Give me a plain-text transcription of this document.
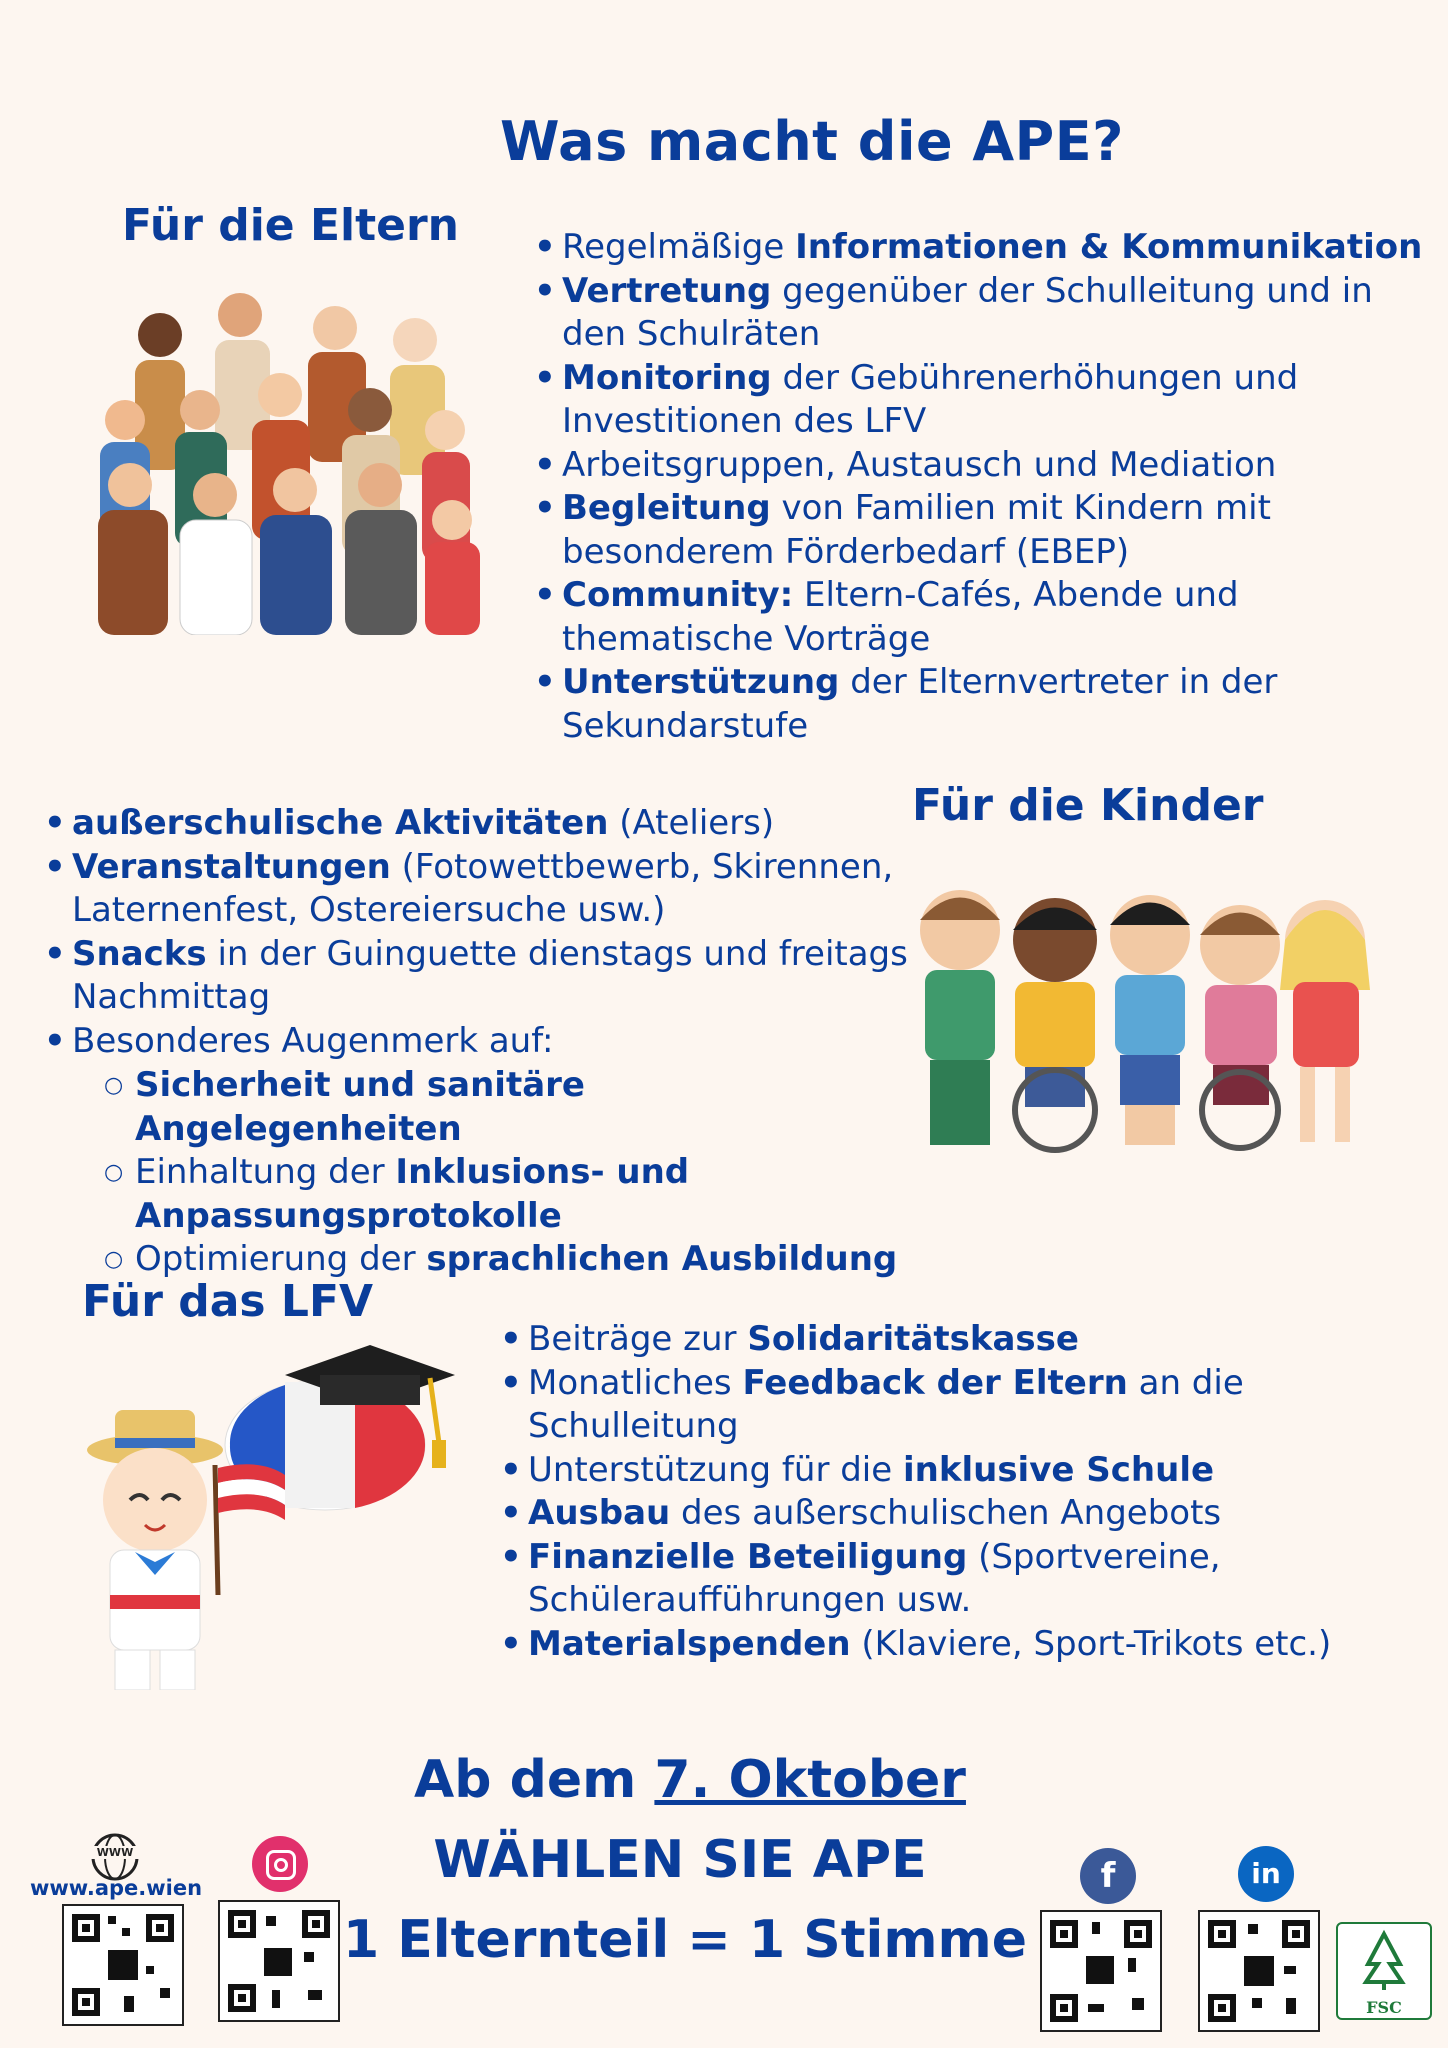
Was macht die APE?
Für die Eltern
•	Regelmäßige Informationen & Kommunikation
• Vertretung gegenüber der Schulleitung und in den Schulräten
• Monitoring der Gebührenerhöhungen und Investitionen des LFV
• Arbeitsgruppen, Austausch und Mediation
• Begleitung von Familien mit Kindern mit besonderem Förderbedarf (EBEP)
• Community: Eltern-Cafés, Abende und thematische Vorträge
• Unterstützung der Elternvertreter in der Sekundarstufe
Für die Kinder
• außerschulische Aktivitäten (Ateliers)
• Veranstaltungen (Fotowettbewerb, Skirennen, Laternenfest, Ostereiersuche usw.)
• Snacks in der Guinguette dienstags und freitags Nachmittag
• Besonderes Augenmerk auf:
○ Sicherheit und sanitäre Angelegenheiten
○ Einhaltung der Inklusions- und Anpassungsprotokolle
○ Optimierung der sprachlichen Ausbildung
Für das LFV
• Beiträge zur Solidaritätskasse
• Monatliches Feedback der Eltern an die Schulleitung
• Unterstützung für die inklusive Schule
• Ausbau des außerschulischen Angebots
• Finanzielle Beteiligung (Sportvereine, Schüleraufführungen usw.
• Materialspenden (Klaviere, Sport-Trikots etc.)
Ab dem 7. Oktober
WÄHLEN SIE APE
1 Elternteil = 1 Stimme
WWW
www.ape.wien	f	in
FSC
